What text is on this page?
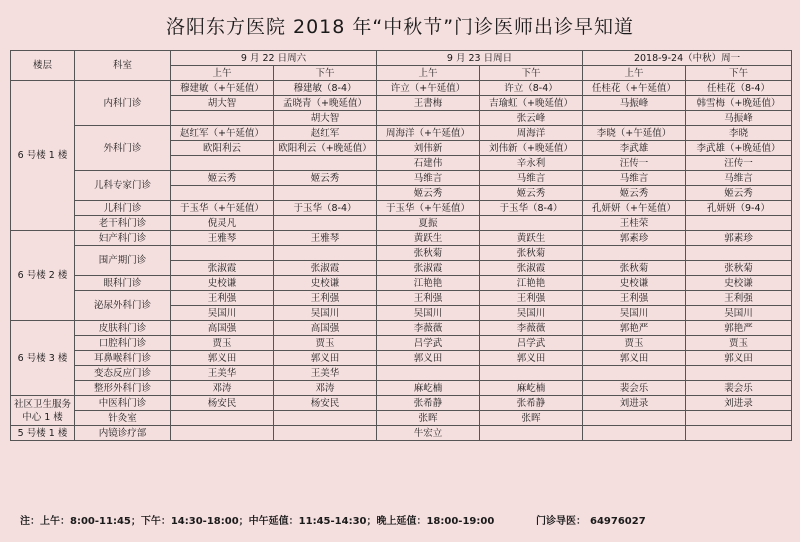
洛阳东方医院 2018 年“中秋节”门诊医师出诊早知道
楼层	科室	9 月 22 日周六		9 月 23 日周日		2018-9-24（中秋）周一	
		上午	下午	上午	下午	上午	下午
6 号楼 1 楼	内科门诊	穆建敏（+午延值）	穆建敏（8-4）	许立（+午延值）	许立（8-4）	任桂花（+午延值）	任桂花（8-4）
		胡大智	孟晓青（+晚延值）	王書梅	吉瑜虹（+晚延值）	马振峰	韩雪梅（+晚延值）
			胡大智		张云峰		马振峰
	外科门诊	赵红军（+午延值）	赵红军	周海洋（+午延值）	周海洋	李晓（+午延值）	李晓
		欧阳利云	欧阳利云（+晚延值）	刘伟新	刘伟新（+晚延值）	李武雄	李武雄（+晚延值）
				石建伟	辛永利	汪传一	汪传一
	儿科专家门诊	姬云秀	姬云秀	马维言	马维言	马维言	马维言
				姬云秀	姬云秀	姬云秀	姬云秀
	儿科门诊	于玉华（+午延值）	于玉华（8-4）	于玉华（+午延值）	于玉华（8-4）	孔妍妍（+午延值）	孔妍妍（9-4）
	老干科门诊	倪灵凡		夏振		王桂荣	
6 号楼 2 楼	妇产科门诊	王雅琴	王雅琴	黄跃生	黄跃生	郭素珍	郭素珍
	围产期门诊			张秋菊	张秋菊		
		张淑霞	张淑霞	张淑霞	张淑霞	张秋菊	张秋菊
	眼科门诊	史校谦	史校谦	江艳艳	江艳艳	史校谦	史校谦
	泌尿外科门诊	王利强	王利强	王利强	王利强	王利强	王利强
		吴国川	吴国川	吴国川	吴国川	吴国川	吴国川
6 号楼 3 楼	皮肤科门诊	高国强	高国强	李薇薇	李薇薇	郭艳严	郭艳严
	口腔科门诊	贾玉	贾玉	吕学武	吕学武	贾玉	贾玉
	耳鼻喉科门诊	郭义田	郭义田	郭义田	郭义田	郭义田	郭义田
	变态反应门诊	王美华	王美华				
	整形外科门诊	邓涛	邓涛	麻屹楠	麻屹楠	裴会乐	裴会乐
社区卫生服务中心 1 楼	中医科门诊	杨安民	杨安民	张希静	张希静	刘进录	刘进录
	针灸室			张晖	张晖		
5 号楼 1 楼	内镜诊疗部			牛宏立			
注：上午：8:00-11:45；下午：14:30-18:00；中午延值：11:45-14:30；晚上延值：18:00-19:00	门诊导医： 64976027
